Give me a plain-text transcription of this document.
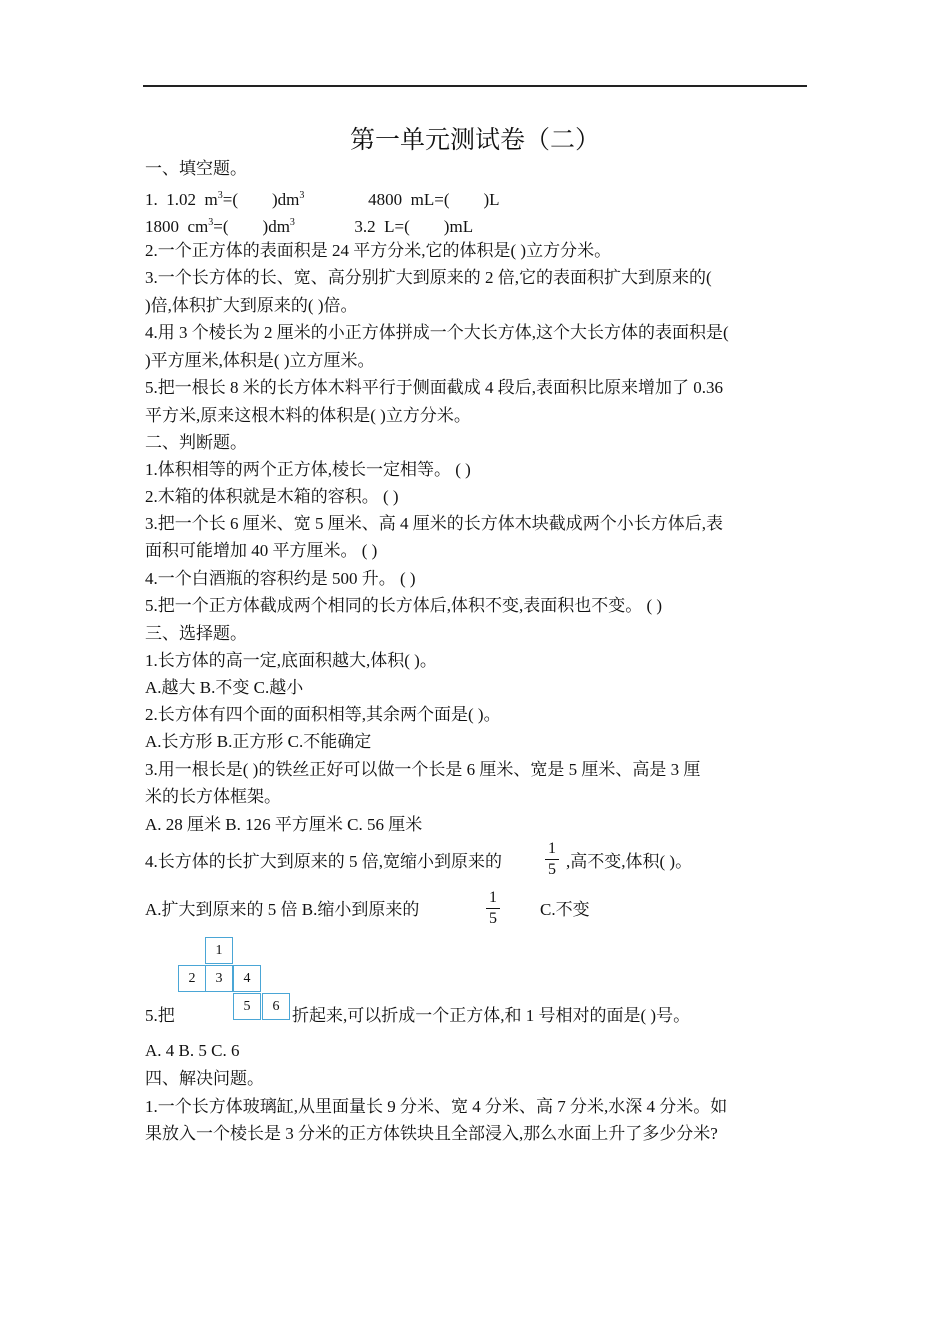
第一单元测试卷（二）
一、填空题。
1.  1.02  $m^3=$(        )$dm^3$               4800  mL=(        )L
1800  $cm^3=$(        )$dm^3$              3.2  L=(        )mL
2.一个正方体的表面积是 24 平方分米,它的体积是( )立方分米。
3.一个长方体的长、宽、高分别扩大到原来的 2 倍,它的表面积扩大到原来的(
)倍,体积扩大到原来的( )倍。
4.用 3 个棱长为 2 厘米的小正方体拼成一个大长方体,这个大长方体的表面积是(
)平方厘米,体积是( )立方厘米。
5.把一根长 8 米的长方体木料平行于侧面截成 4 段后,表面积比原来增加了 0.36
平方米,原来这根木料的体积是( )立方分米。
二、判断题。
1.体积相等的两个正方体,棱长一定相等。 ( )
2.木箱的体积就是木箱的容积。 ( )
3.把一个长 6 厘米、宽 5 厘米、高 4 厘米的长方体木块截成两个小长方体后,表
面积可能增加 40 平方厘米。 ( )
4.一个白酒瓶的容积约是 500 升。 ( )
5.把一个正方体截成两个相同的长方体后,体积不变,表面积也不变。 ( )
三、选择题。
1.长方体的高一定,底面积越大,体积( )。
A.越大 B.不变 C.越小
2.长方体有四个面的面积相等,其余两个面是( )。
A.长方形 B.正方形 C.不能确定
3.用一根长是( )的铁丝正好可以做一个长是 6 厘米、宽是 5 厘米、高是 3 厘
米的长方体框架。
A. 28 厘米 B. 126 平方厘米 C. 56 厘米
4.长方体的长扩大到原来的 5 倍,宽缩小到原来的	,高不变,体积( )。
A.扩大到原来的 5 倍 B.缩小到原来的	C.不变
5.把	折起来,可以折成一个正方体,和 1 号相对的面是( )号。
A. 4 B. 5 C. 6
四、解决问题。
1.一个长方体玻璃缸,从里面量长 9 分米、宽 4 分米、高 7 分米,水深 4 分米。如
果放入一个棱长是 3 分米的正方体铁块且全部浸入,那么水面上升了多少分米?
1
5
1
5
1
2	3	4
5	6
